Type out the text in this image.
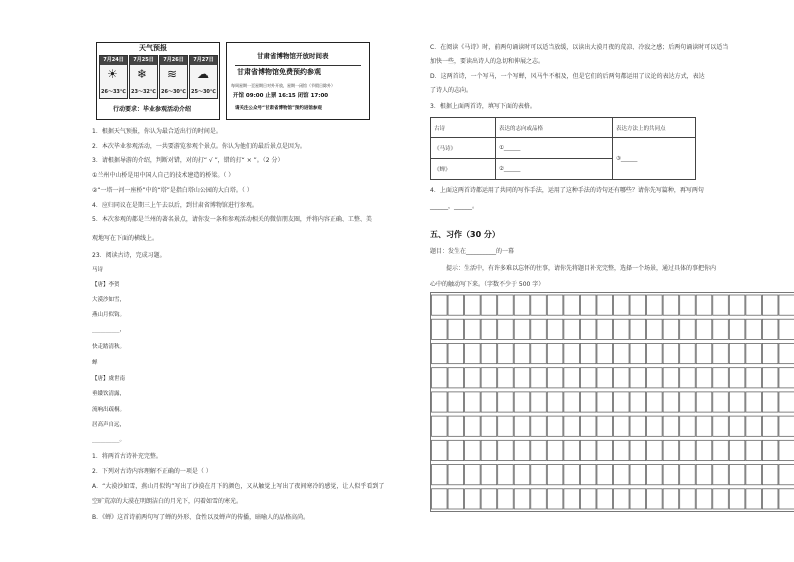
天气预报
7月24日
☀
26～33℃
7月25日
❄
23～32℃
7月26日
≋
26～30℃
7月27日
☁
25～30℃
行动要求：毕业参观活动介绍
甘肃省博物馆开放时间表
甘肃省博物馆免费预约参观
每周星期一至星期日对外开放，星期一闭馆（节假日除外）
开馆 09:00 止票 16:15 闭馆 17:00
请关注公众号“甘肃省博物馆”预约进馆参观
1．根据天气预报，你认为最合适出行的时间是。
2．本次毕业参观活动，一共要游览参观个景点。你认为他们的最后景点是因为。
3．请根据导游的介绍，判断对错，对的打“ √ ”，错的打“ × ”。（2 分）
①兰州中山桥是用中国人自己的技术建造的桥梁。（ ）
②“一塔一河一座桥”中的“塔”是指白塔山公园的大白塔。（ ）
4．应归同议在是期三上午去以后，到甘肃省博物馆进行参观。
5．本次参观的都是兰州的著名景点，请你发一条和参观活动相关的微信朋友圈，并将内容正确、工整、美
观地写在下面的横线上。
23．阅读古诗，完成习题。
马诗
【唐】李贺
大漠沙如雪，
燕山月似钩。
__________，
快走踏清秋。
蝉
【唐】虞世南
垂緌饮清露，
流响出疏桐。
居高声自远，
__________。
1．将两首古诗补充完整。
2．下列对古诗内容理解不正确的一项是（ ）
A．“大漠沙如雪，燕山月似钩”写出了沙漠在月下的颜色，又从触觉上写出了夜间寒冷的感觉，让人似乎看到了
空旷荒凉的大漠在明朗洁白的月光下，闪着如雪的寒光。
B．《蝉》这首诗前两句写了蝉的外形、食性以及蝉声的传播，暗喻人的品格高尚。
C．在阅读《马诗》时，前两句诵读时可以适当放缓，以读出大漠月夜的荒凉、冷寂之感；后两句诵读时可以适当
加快一些，要读出诗人的急切和伸展之志。
D．这两首诗，一个写马，一个写蝉，风马牛不相及，但是它们的后两句都运用了议论的表达方式，表达
了诗人的志向。
3．根据上面两首诗，填写下面的表格。
古诗	表达的志向或品格	表达方法上的共同点
《马诗》	①______	③______
《蝉》	②______	
4．上面这两首诗都运用了共同的写作手法，运用了这种手法的诗句还有哪些？请你先写篇种，再写两句
______，______。
五、习作（30 分）
题目：发生在__________的一幕
提示：生活中，有许多难以忘怀的往事，请你先将题目补充完整，选择一个场景，通过具体的事把你内
心中的触动写下来。（字数不少于 500 字）
